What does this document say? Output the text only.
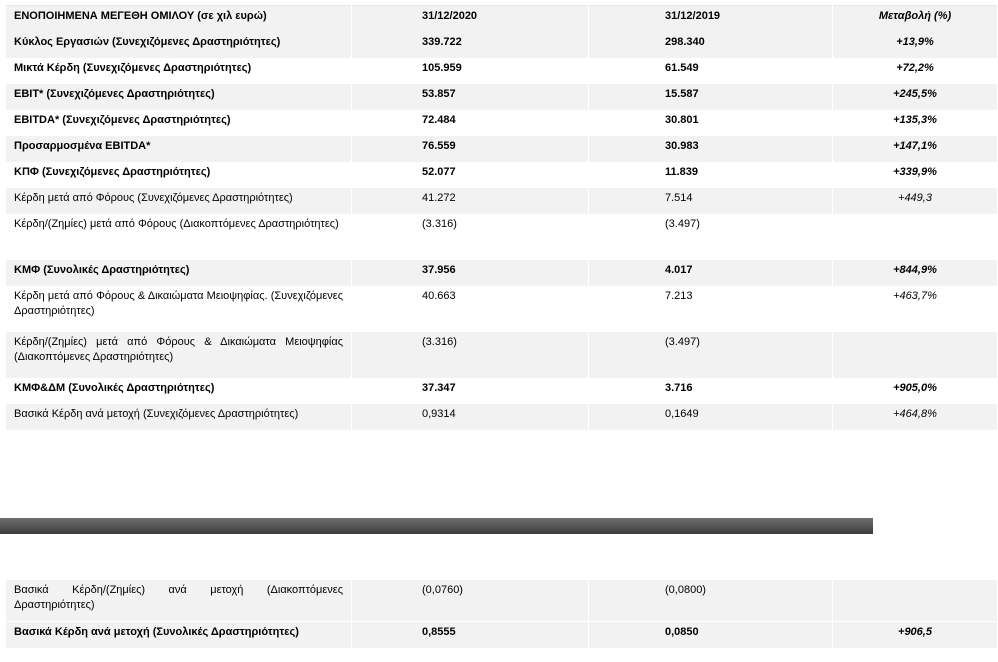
ΕΝΟΠΟΙΗΜΕΝΑ ΜΕΓΕΘΗ ΟΜΙΛΟΥ (σε χιλ ευρώ)	31/12/2020	31/12/2019	Μεταβολή (%)
Κύκλος Εργασιών (Συνεχιζόμενες Δραστηριότητες)	339.722	298.340	+13,9%
Μικτά Κέρδη (Συνεχιζόμενες Δραστηριότητες)	105.959	61.549	+72,2%
EBIT* (Συνεχιζόμενες Δραστηριότητες)	53.857	15.587	+245,5%
EBITDA* (Συνεχιζόμενες Δραστηριότητες)	72.484	30.801	+135,3%
Προσαρμοσμένα EBITDA*	76.559	30.983	+147,1%
ΚΠΦ (Συνεχιζόμενες Δραστηριότητες)	52.077	11.839	+339,9%
Κέρδη μετά από Φόρους (Συνεχιζόμενες Δραστηριότητες)	41.272	7.514	+449,3
Κέρδη/(Ζημίες) μετά από Φόρους (Διακοπτόμενες Δραστηριότητες)	(3.316)	(3.497)	
ΚΜΦ (Συνολικές Δραστηριότητες)	37.956	4.017	+844,9%
Κέρδη μετά από Φόρους & Δικαιώματα Μειοψηφίας. (Συνεχιζόμενες Δραστηριότητες)	40.663	7.213	+463,7%
Κέρδη/(Ζημίες) μετά από Φόρους & Δικαιώματα Μειοψηφίας (Διακοπτόμενες Δραστηριότητες)	(3.316)	(3.497)	
ΚΜΦ&ΔΜ (Συνολικές Δραστηριότητες)	37.347	3.716	+905,0%
Βασικά Κέρδη ανά μετοχή (Συνεχιζόμενες Δραστηριότητες)	0,9314	0,1649	+464,8%
Βασικά Κέρδη/(Ζημίες) ανά μετοχή (Διακοπτόμενες Δραστηριότητες)	(0,0760)	(0,0800)	
Βασικά Κέρδη ανά μετοχή (Συνολικές Δραστηριότητες)	0,8555	0,0850	+906,5
